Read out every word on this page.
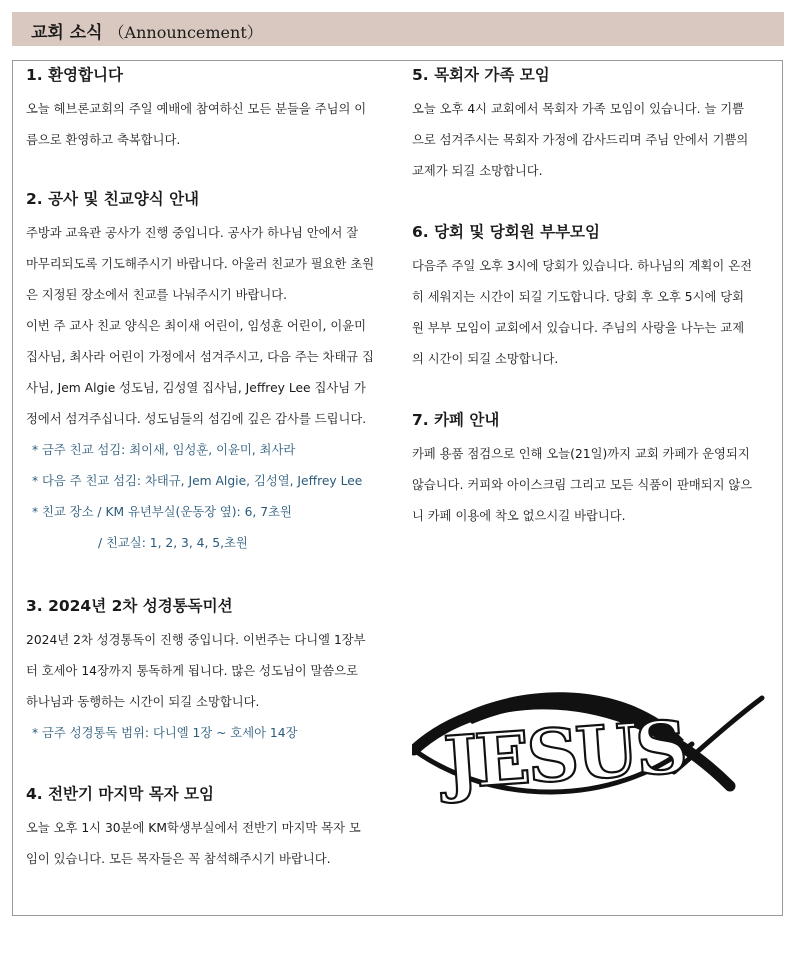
교회 소식 （Announcement）
1. 환영합니다

오늘 헤브론교회의 주일 예배에 참여하신 모든 분들을 주님의 이

름으로 환영하고 축복합니다.

2. 공사 및 친교양식 안내

주방과 교육관 공사가 진행 중입니다. 공사가 하나님 안에서 잘

마무리되도록 기도해주시기 바랍니다. 아울러 친교가 필요한 초원

은 지정된 장소에서 친교를 나눠주시기 바랍니다.

이번 주 교사 친교 양식은 최이새 어린이, 임성훈 어린이, 이윤미

집사님, 최사라 어린이 가정에서 섬겨주시고, 다음 주는 차태규 집

사님, Jem Algie 성도님, 김성열 집사님, Jeffrey Lee 집사님 가

정에서 섬겨주십니다. 성도님들의 섬김에 깊은 감사를 드립니다.

* 금주 친교 섬김: 최이새, 임성훈, 이윤미, 최사라

* 다음 주 친교 섬김: 차태규, Jem Algie, 김성열, Jeffrey Lee

* 친교 장소 / KM 유년부실(운동장 옆): 6, 7초원

/ 친교실: 1, 2, 3, 4, 5,초원

3. 2024년 2차 성경통독미션

2024년 2차 성경통독이 진행 중입니다. 이번주는 다니엘 1장부

터 호세아 14장까지 통독하게 됩니다. 많은 성도님이 말씀으로

하나님과 동행하는 시간이 되길 소망합니다.

* 금주 성경통독 범위: 다니엘 1장 ~ 호세아 14장

4. 전반기 마지막 목자 모임

오늘 오후 1시 30분에 KM학생부실에서 전반기 마지막 목자 모

임이 있습니다. 모든 목자들은 꼭 참석해주시기 바랍니다.

5. 목회자 가족 모임

오늘 오후 4시 교회에서 목회자 가족 모임이 있습니다. 늘 기쁨

으로 섬겨주시는 목회자 가정에 감사드리며 주님 안에서 기쁨의

교제가 되길 소망합니다.

6. 당회 및 당회원 부부모임

다음주 주일 오후 3시에 당회가 있습니다. 하나님의 계획이 온전

히 세워지는 시간이 되길 기도합니다. 당회 후 오후 5시에 당회

원 부부 모임이 교회에서 있습니다. 주님의 사랑을 나누는 교제

의 시간이 되길 소망합니다.

7. 카페 안내

카페 용품 점검으로 인해 오늘(21일)까지 교회 카페가 운영되지

않습니다. 커피와 아이스크림 그리고 모든 식품이 판매되지 않으

니 카페 이용에 착오 없으시길 바랍니다.

JESUS
